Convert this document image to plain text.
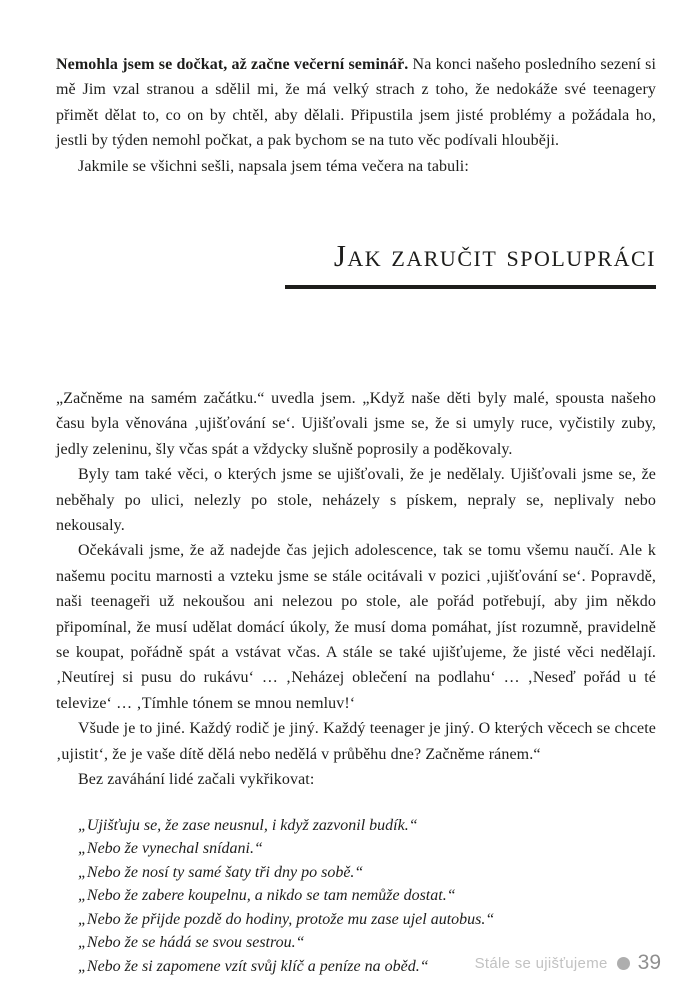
Nemohla jsem se dočkat, až začne večerní seminář. Na konci našeho posledního sezení si mě Jim vzal stranou a sdělil mi, že má velký strach z toho, že nedokáže své teenagery přimět dělat to, co on by chtěl, aby dělali. Připustila jsem jisté problémy a požádala ho, jestli by týden nemohl počkat, a pak bychom se na tuto věc podívali hlouběji.

Jakmile se všichni sešli, napsala jsem téma večera na tabuli:

Jak zaručit spolupráci

„Začněme na samém začátku.“ uvedla jsem. „Když naše děti byly malé, spousta našeho času byla věnována ‚ujišťování se‘. Ujišťovali jsme se, že si umyly ruce, vyčistily zuby, jedly zeleninu, šly včas spát a vždycky slušně poprosily a poděkovaly.

Byly tam také věci, o kterých jsme se ujišťovali, že je nedělaly. Ujišťovali jsme se, že neběhaly po ulici, nelezly po stole, neházely s pískem, nepraly se, neplivaly nebo nekousaly.

Očekávali jsme, že až nadejde čas jejich adolescence, tak se tomu všemu naučí. Ale k našemu pocitu marnosti a vzteku jsme se stále ocitávali v pozici ‚ujišťování se‘. Popravdě, naši teenageři už nekoušou ani nelezou po stole, ale pořád potřebují, aby jim někdo připomínal, že musí udělat domácí úkoly, že musí doma pomáhat, jíst rozumně, pravidelně se koupat, pořádně spát a vstávat včas. A stále se také ujišťujeme, že jisté věci nedělají. ‚Neutírej si pusu do rukávu‘ … ‚Neházej oblečení na podlahu‘ … ‚Neseď pořád u té televize‘ … ‚Tímhle tónem se mnou nemluv!‘

Všude je to jiné. Každý rodič je jiný. Každý teenager je jiný. O kterých věcech se chcete ‚ujistit‘, že je vaše dítě dělá nebo nedělá v průběhu dne? Začněme ránem.“

Bez zaváhání lidé začali vykřikovat:

„Ujišťuju se, že zase neusnul, i když zazvonil budík.“

„Nebo že vynechal snídani.“

„Nebo že nosí ty samé šaty tři dny po sobě.“

„Nebo že zabere koupelnu, a nikdo se tam nemůže dostat.“

„Nebo že přijde pozdě do hodiny, protože mu zase ujel autobus.“

„Nebo že se hádá se svou sestrou.“

„Nebo že si zapomene vzít svůj klíč a peníze na oběd.“	Stále se ujišťujeme 39
